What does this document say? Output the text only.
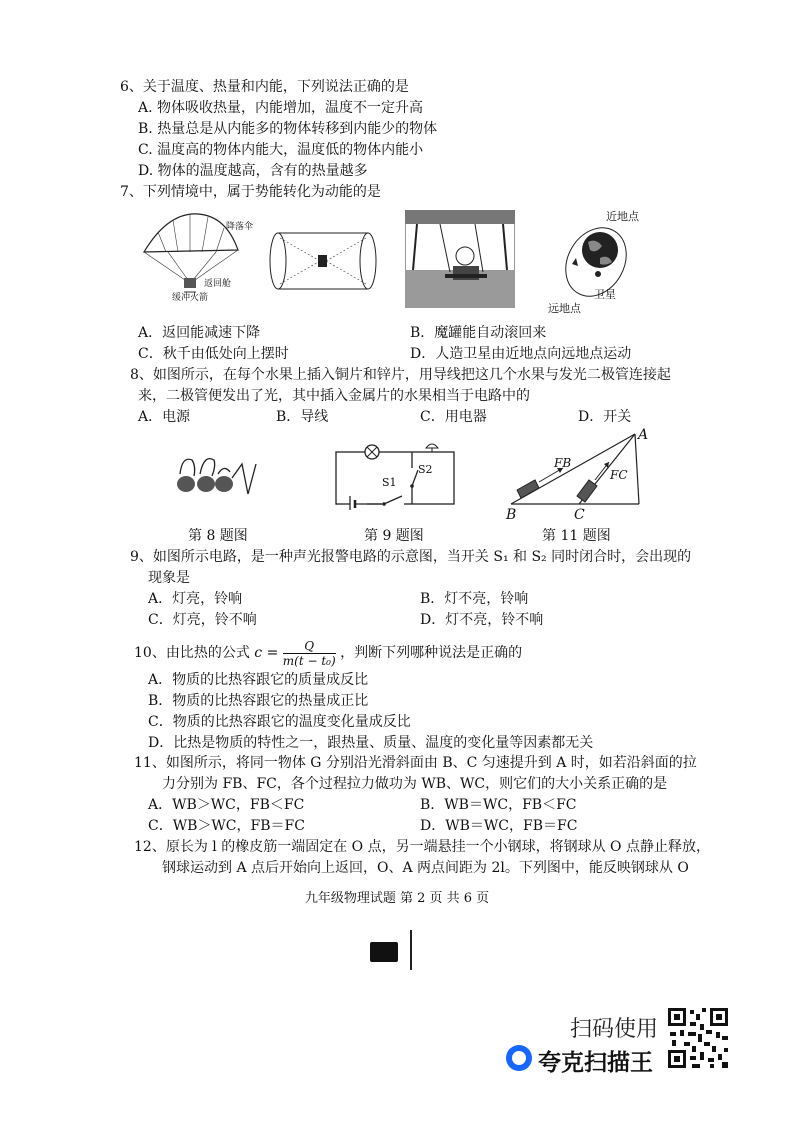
6、关于温度、热量和内能，下列说法正确的是
A. 物体吸收热量，内能增加，温度不一定升高
B. 热量总是从内能多的物体转移到内能少的物体
C. 温度高的物体内能大，温度低的物体内能小
D. 物体的温度越高，含有的热量越多
7、下列情境中，属于势能转化为动能的是
降落伞
返回舱
缓冲火箭
近地点
卫星
远地点
A．返回能减速下降	B．魔罐能自动滚回来
C．秋千由低处向上摆时	D．人造卫星由近地点向远地点运动
8、如图所示，在每个水果上插入铜片和锌片，用导线把这几个水果与发光二极管连接起
来，二极管便发出了光，其中插入金属片的水果相当于电路中的
A．电源	B．导线	C．用电器	D．开关
S2
S1
A
B	C
FB
FC
第 8 题图	第 9 题图	第 11 题图
9、如图所示电路，是一种声光报警电路的示意图，当开关 S₁ 和 S₂ 同时闭合时，会出现的
现象是
A．灯亮，铃响	B．灯不亮，铃响
C．灯亮，铃不响	D．灯不亮，铃不响
10、由比热的公式 $c = \frac{Q}{\text{m(t − t₀)}}$ ，判断下列哪种说法是正确的
A．物质的比热容跟它的质量成反比
B．物质的比热容跟它的热量成正比
C．物质的比热容跟它的温度变化量成反比
D．比热是物质的特性之一，跟热量、质量、温度的变化量等因素都无关
11、如图所示，将同一物体 G 分别沿光滑斜面由 B、C 匀速提升到 A 时，如若沿斜面的拉
力分别为 FB、FC，各个过程拉力做功为 WB、WC，则它们的大小关系正确的是
A．WB＞WC，FB＜FC	B．WB＝WC，FB＜FC
C．WB＞WC，FB＝FC	D．WB＝WC，FB＝FC
12、原长为 l 的橡皮筋一端固定在 O 点，另一端悬挂一个小钢球，将钢球从 O 点静止释放，
钢球运动到 A 点后开始向上返回，O、A 两点间距为 2l。下列图中，能反映钢球从 O
九年级物理试题 第 2 页 共 6 页
扫码使用
夸克扫描王
